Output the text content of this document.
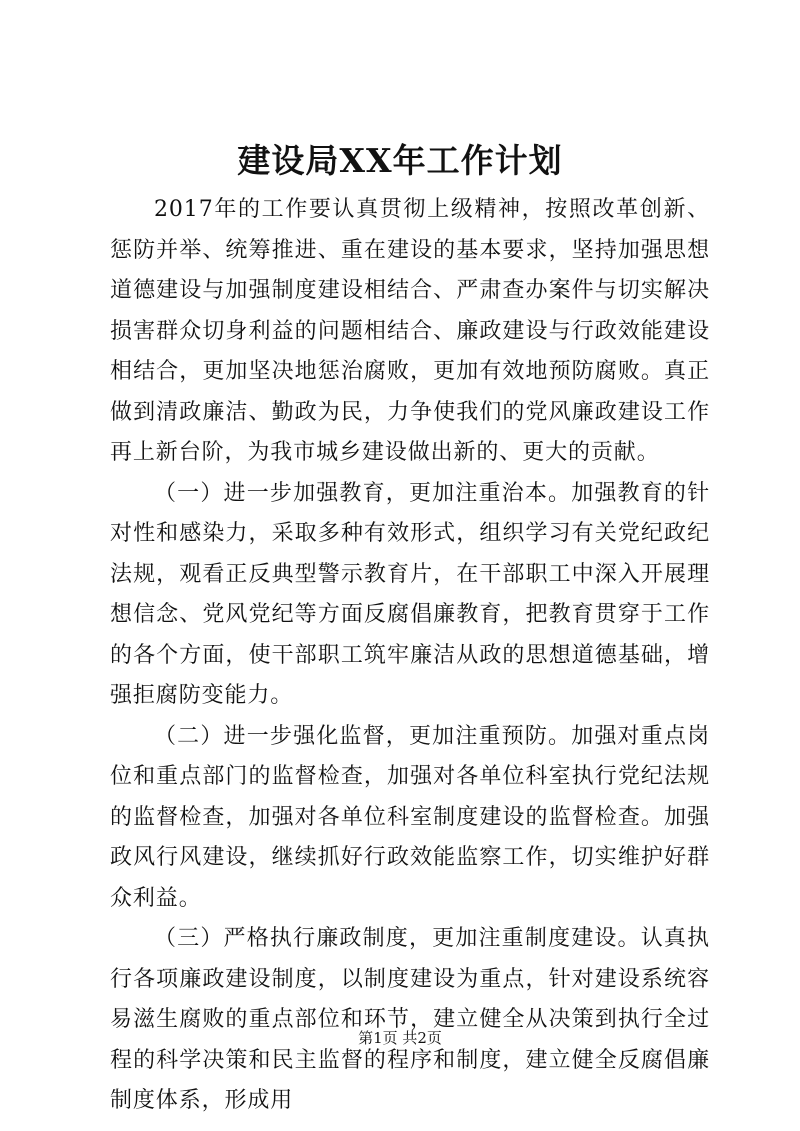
建设局XX年工作计划

2017年的工作要认真贯彻上级精神，按照改革创新、惩防并举、统筹推进、重在建设的基本要求，坚持加强思想道德建设与加强制度建设相结合、严肃查办案件与切实解决损害群众切身利益的问题相结合、廉政建设与行政效能建设相结合，更加坚决地惩治腐败，更加有效地预防腐败。真正做到清政廉洁、勤政为民，力争使我们的党风廉政建设工作再上新台阶，为我市城乡建设做出新的、更大的贡献。

（一）进一步加强教育，更加注重治本。加强教育的针对性和感染力，采取多种有效形式，组织学习有关党纪政纪法规，观看正反典型警示教育片，在干部职工中深入开展理想信念、党风党纪等方面反腐倡廉教育，把教育贯穿于工作的各个方面，使干部职工筑牢廉洁从政的思想道德基础，增强拒腐防变能力。

（二）进一步强化监督，更加注重预防。加强对重点岗位和重点部门的监督检查，加强对各单位科室执行党纪法规的监督检查，加强对各单位科室制度建设的监督检查。加强政风行风建设，继续抓好行政效能监察工作，切实维护好群众利益。

（三）严格执行廉政制度，更加注重制度建设。认真执行各项廉政建设制度，以制度建设为重点，针对建设系统容易滋生腐败的重点部位和环节，建立健全从决策到执行全过程的科学决策和民主监督的程序和制度，建立健全反腐倡廉制度体系，形成用

第1页 共2页
